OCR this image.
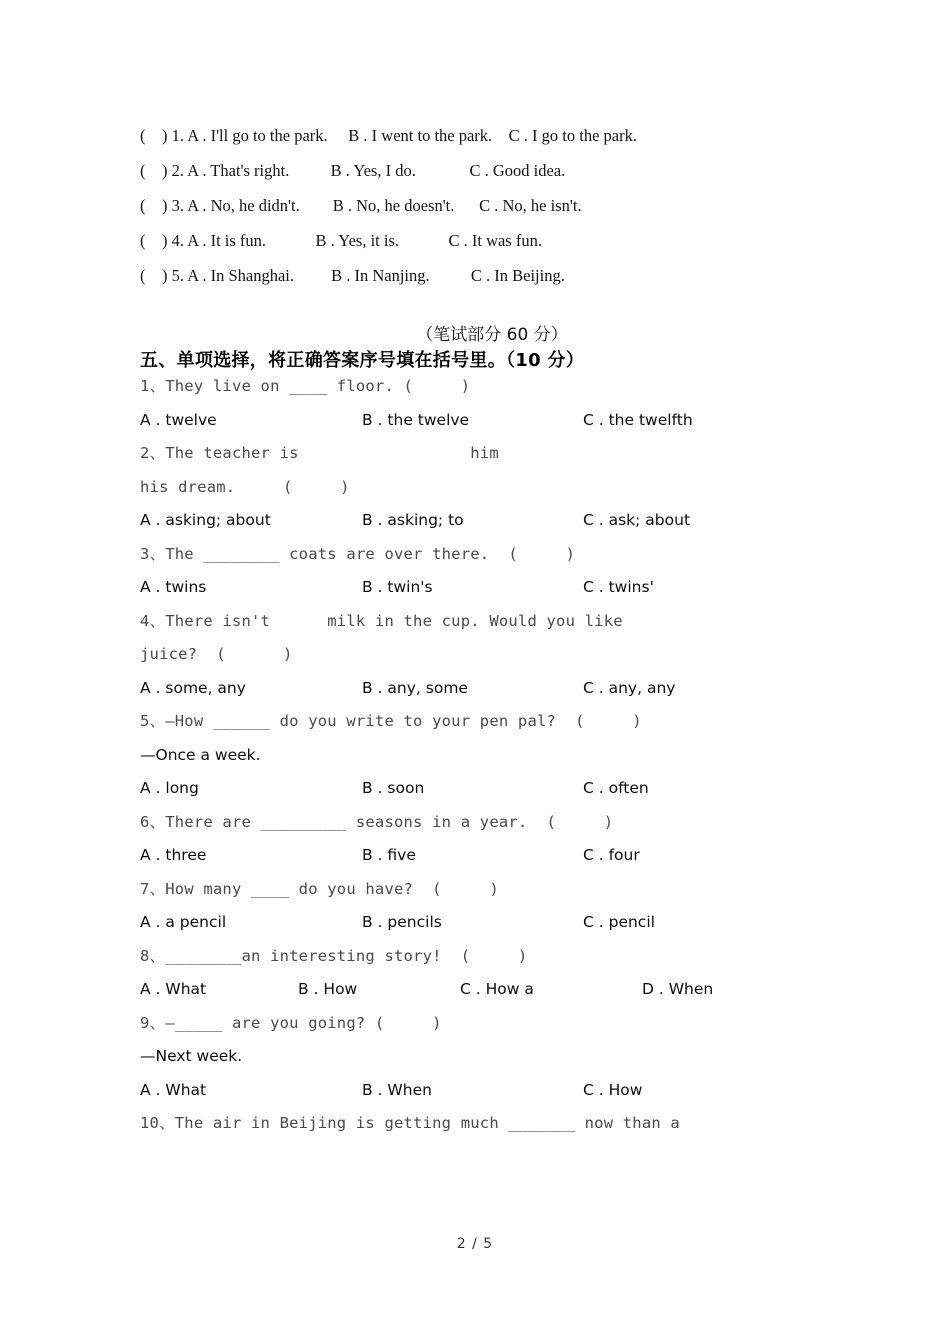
(    ) 1. A . I'll go to the park.     B . I went to the park.    C . I go to the park.
(    ) 2. A . That's right.          B . Yes, I do.             C . Good idea.
(    ) 3. A . No, he didn't.        B . No, he doesn't.      C . No, he isn't.
(    ) 4. A . It is fun.            B . Yes, it is.            C . It was fun.
(    ) 5. A . In Shanghai.         B . In Nanjing.          C . In Beijing.
（笔试部分 60 分）
五、单项选择，将正确答案序号填在括号里。（10 分）
1、They live on ____ floor. (     )
A . twelve	B . the twelve	C . the twelfth
2、The teacher is                  him
his dream.     (     )
A . asking; about	B . asking; to	C . ask; about
3、The ________ coats are over there.  (     )
A . twins	B . twin's	C . twins'
4、There isn't      milk in the cup. Would you like
juice?  (      )
A . some, any	B . any, some	C . any, any
5、—How ______ do you write to your pen pal?  (     )
—Once a week.
A . long	B . soon	C . often
6、There are _________ seasons in a year.  (     )
A . three	B . five	C . four
7、How many ____ do you have?  (     )
A . a pencil	B . pencils	C . pencil
8、________an interesting story!  (     )
A . What	B . How	C . How a	D . When
9、—_____ are you going? (     )
—Next week.
A . What	B . When	C . How
10、The air in Beijing is getting much _______ now than a
2 / 5
